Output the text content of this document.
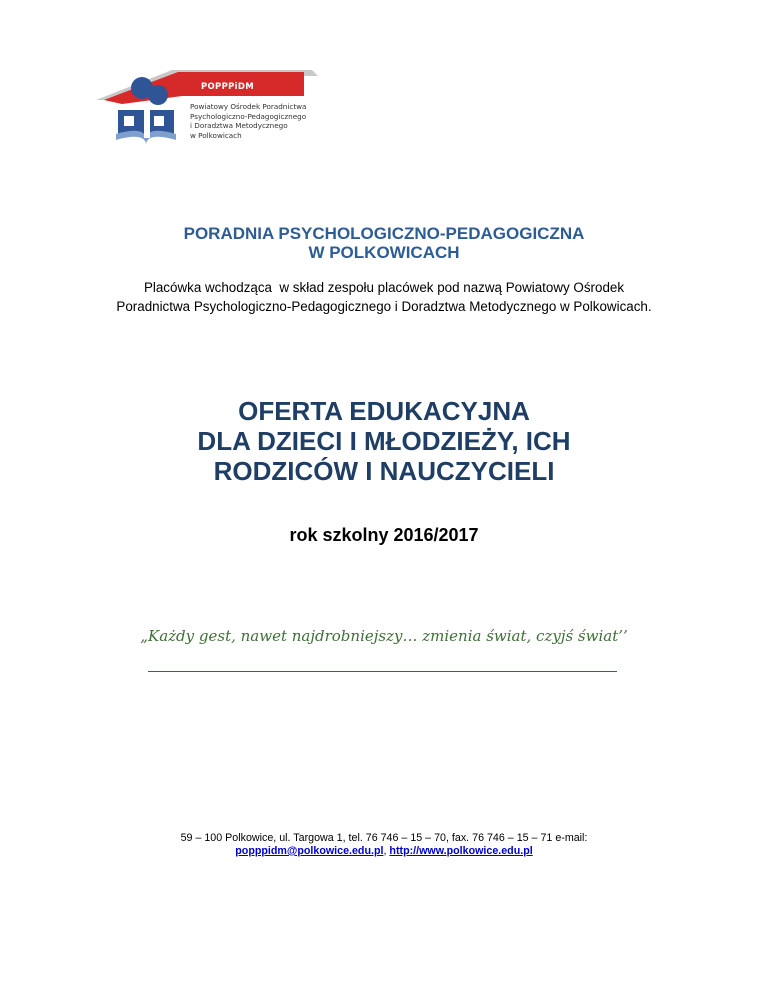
POPPPiDM
Powiatowy Ośrodek Poradnictwa
Psychologiczno-Pedagogicznego
i Doradztwa Metodycznego
w Polkowicach
PORADNIA PSYCHOLOGICZNO-PEDAGOGICZNA
W POLKOWICACH
Placówka wchodząca  w skład zespołu placówek pod nazwą Powiatowy Ośrodek
Poradnictwa Psychologiczno-Pedagogicznego i Doradztwa Metodycznego w Polkowicach.
OFERTA EDUKACYJNA
DLA DZIECI I MŁODZIEŻY, ICH
RODZICÓW I NAUCZYCIELI
rok szkolny 2016/2017
„Każdy gest, nawet najdrobniejszy… zmienia świat, czyjś świat’’
59 – 100 Polkowice, ul. Targowa 1, tel. 76 746 – 15 – 70, fax. 76 746 – 15 – 71 e-mail:
popppidm@polkowice.edu.pl, http://www.polkowice.edu.pl
